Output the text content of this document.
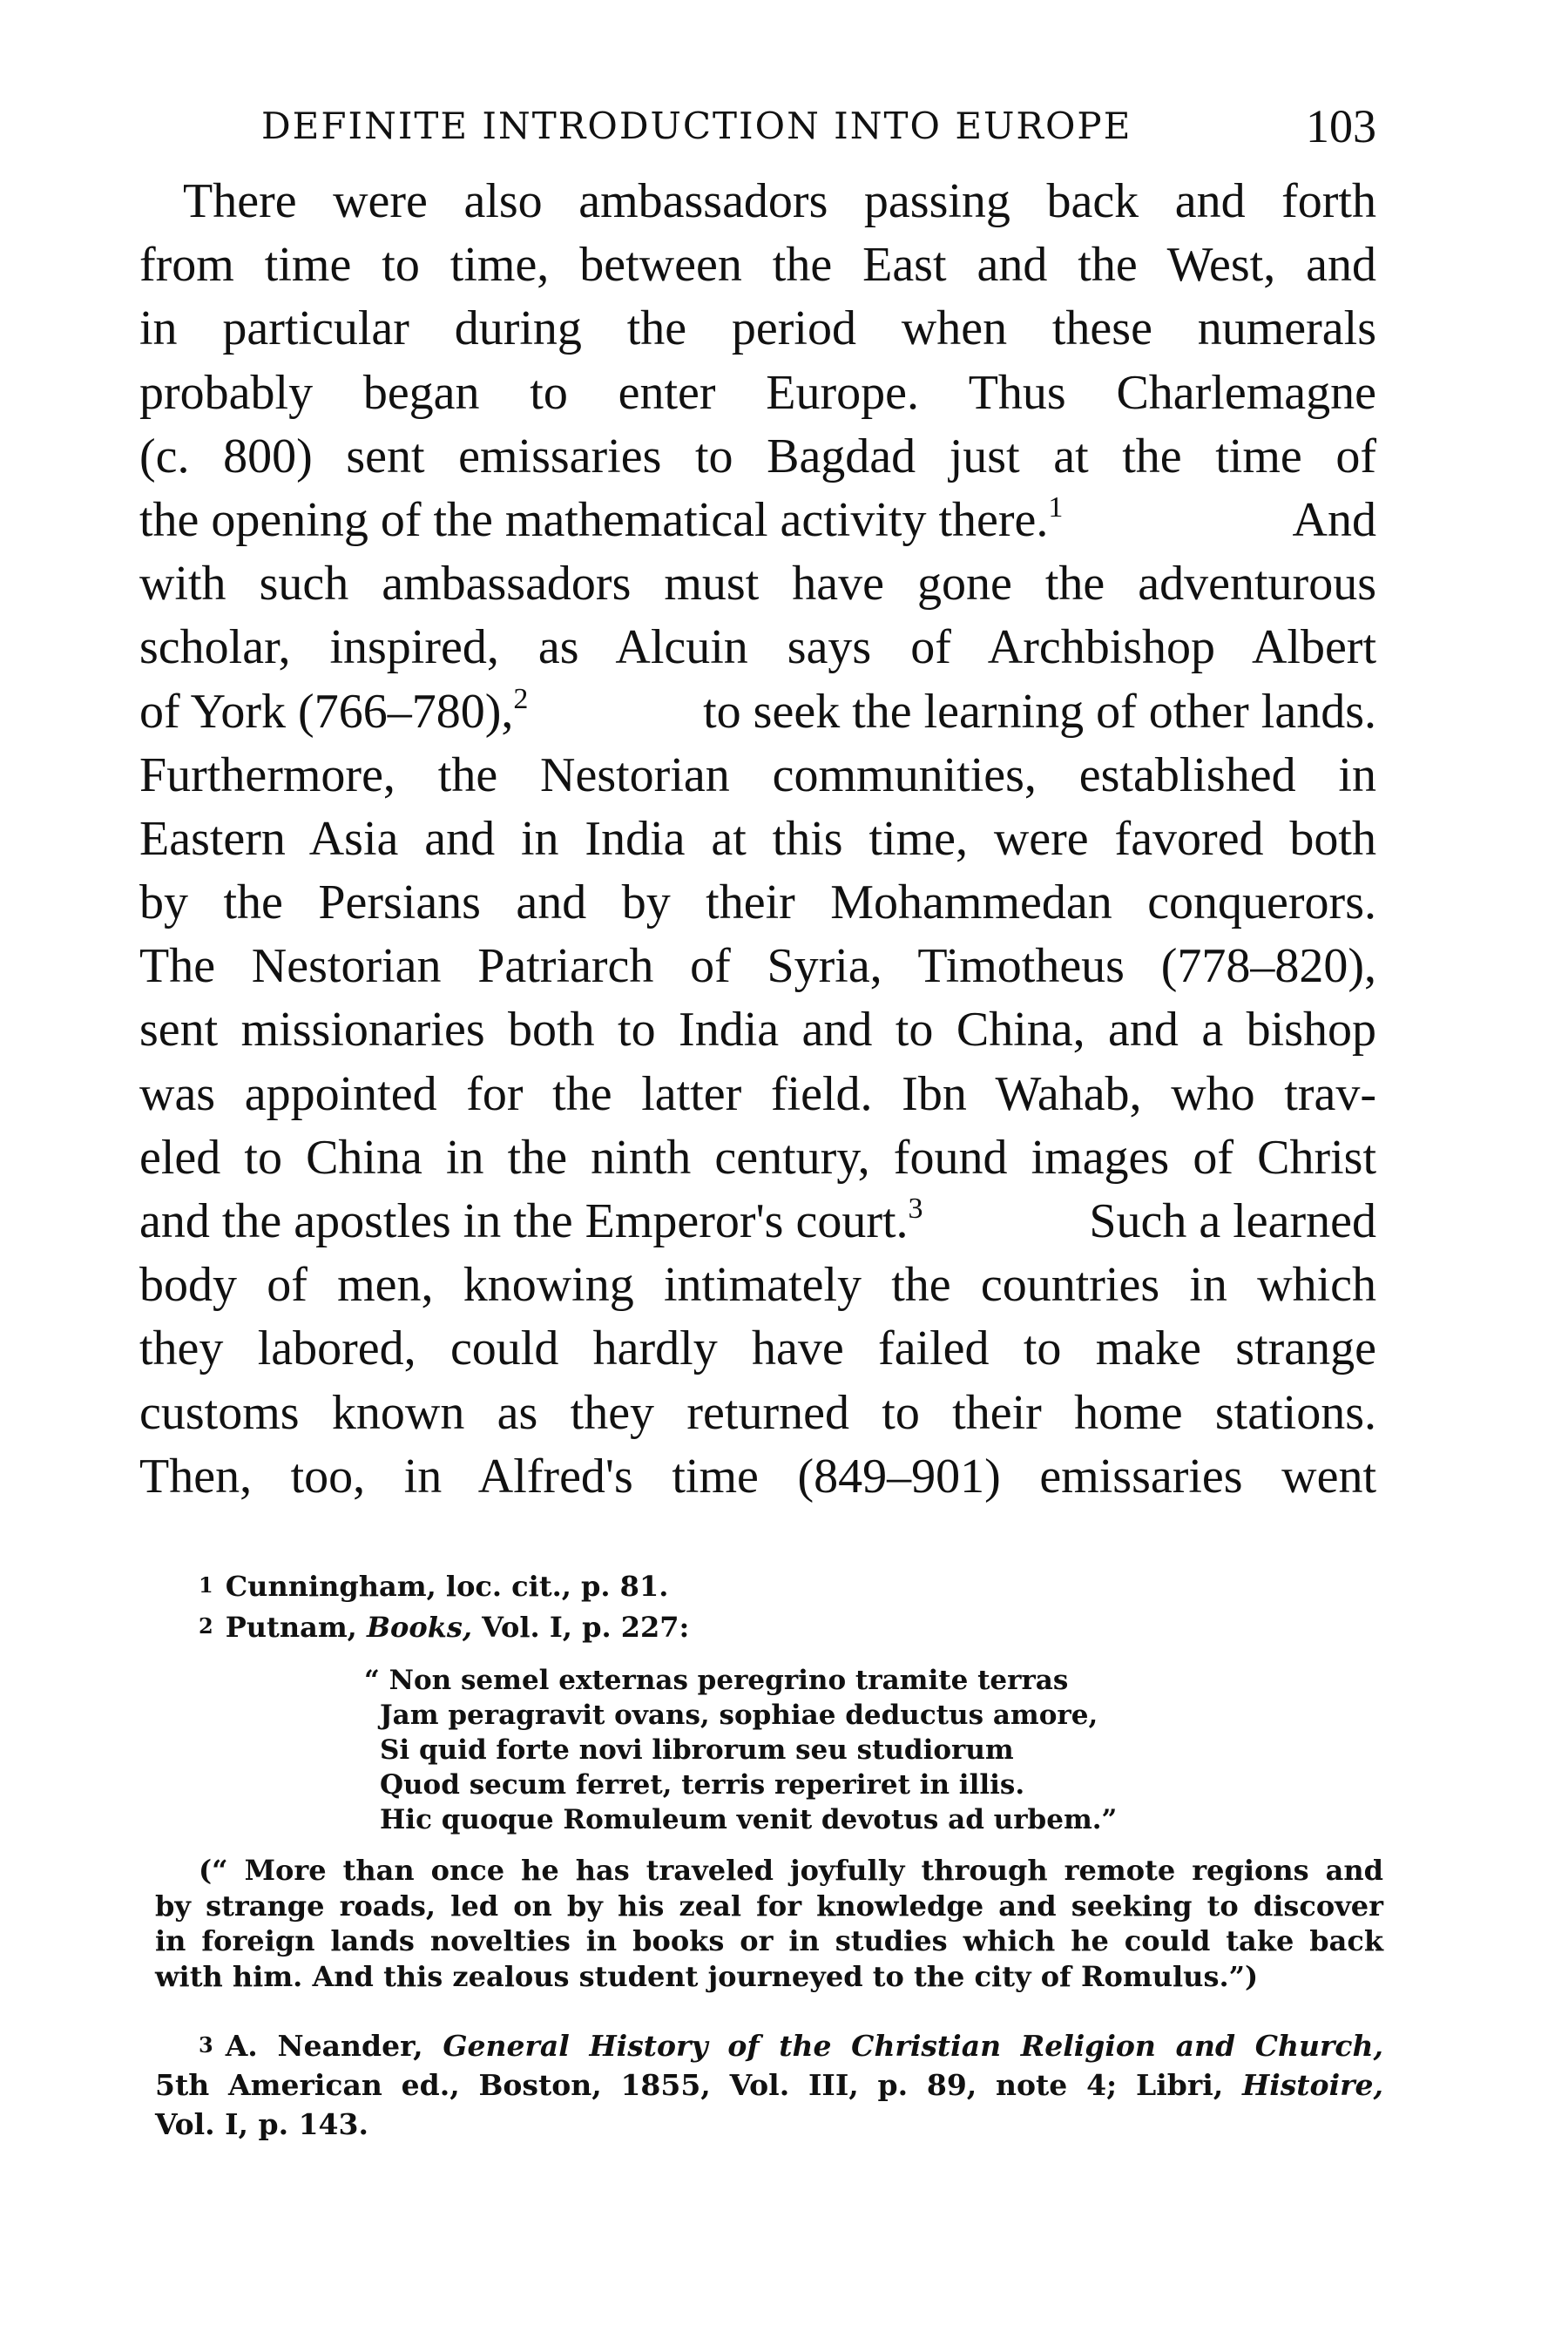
DEFINITE INTRODUCTION INTO EUROPE	103
There were also ambassadors passing back and forth
from time to time, between the East and the West, and
in particular during the period when these numerals
probably began to enter Europe. Thus Charlemagne
(c. 800) sent emissaries to Bagdad just at the time of
the opening of the mathematical activity there.$^1$	And
with such ambassadors must have gone the adventurous
scholar, inspired, as Alcuin says of Archbishop Albert
of York (766–780),$^2$	to seek the learning of other lands.
Furthermore, the Nestorian communities, established in
Eastern Asia and in India at this time, were favored both
by the Persians and by their Mohammedan conquerors.
The Nestorian Patriarch of Syria, Timotheus (778–820),
sent missionaries both to India and to China, and a bishop
was appointed for the latter field. Ibn Wahab, who trav-
eled to China in the ninth century, found images of Christ
and the apostles in the Emperor's court.$^3$	Such a learned
body of men, knowing intimately the countries in which
they labored, could hardly have failed to make strange
customs known as they returned to their home stations.
Then, too, in Alfred's time (849–901) emissaries went
1 Cunningham, loc. cit., p. 81.
2 Putnam, Books, Vol. I, p. 227:
“ Non semel externas peregrino tramite terras
Jam peragravit ovans, sophiae deductus amore,
Si quid forte novi librorum seu studiorum
Quod secum ferret, terris reperiret in illis.
Hic quoque Romuleum venit devotus ad urbem.”
(“ More than once he has traveled joyfully through remote regions and
by strange roads, led on by his zeal for knowledge and seeking to discover
in foreign lands novelties in books or in studies which he could take back
with him. And this zealous student journeyed to the city of Romulus.”)
3 A. Neander, General History of the Christian Religion and Church,
5th American ed., Boston, 1855, Vol. III, p. 89, note 4; Libri, Histoire,
Vol. I, p. 143.
